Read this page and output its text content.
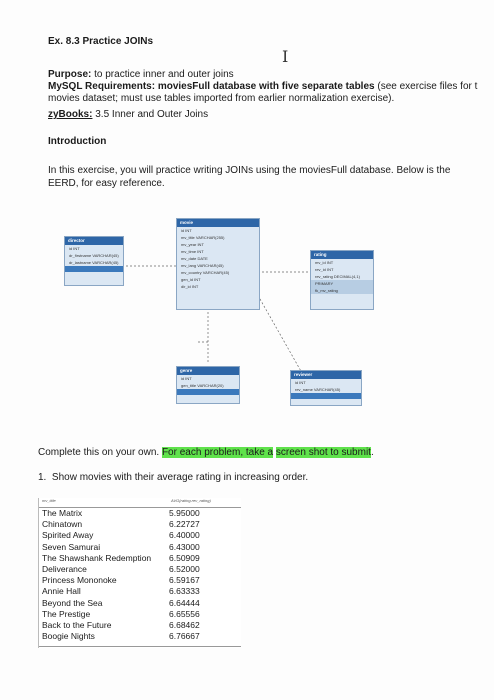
Ex. 8.3 Practice JOINs
I
Purpose: to practice inner and outer joins
MySQL Requirements: moviesFull database with five separate tables (see exercise files for t
movies dataset; must use tables imported from earlier normalization exercise).
zyBooks: 3.5 Inner and Outer Joins
Introduction
In this exercise, you will practice writing JOINs using the moviesFull database. Below is the
EERD, for easy reference.
director
id INT
dr_firstname VARCHAR(45)
dr_lastname VARCHAR(45)
movie
id INT
mv_title VARCHAR(255)
mv_year INT
mv_time INT
mv_date DATE
mv_lang VARCHAR(45)
mv_country VARCHAR(45)
gen_id INT
dir_id INT
rating
mv_id INT
rev_id INT
rev_rating DECIMAL(4,1)
PRIMARY
fk_mv_rating
genre
id INT
gen_title VARCHAR(20)
reviewer
id INT
rev_name VARCHAR(45)
Complete this on your own. For each problem, take a screen shot to submit.
1. Show movies with their average rating in increasing order.
mv_title	AVG(rating.rev_rating)
The Matrix
Chinatown
Spirited Away
Seven Samurai
The Shawshank Redemption
Deliverance
Princess Mononoke
Annie Hall
Beyond the Sea
The Prestige
Back to the Future
Boogie Nights
5.95000
6.22727
6.40000
6.43000
6.50909
6.52000
6.59167
6.63333
6.64444
6.65556
6.68462
6.76667
